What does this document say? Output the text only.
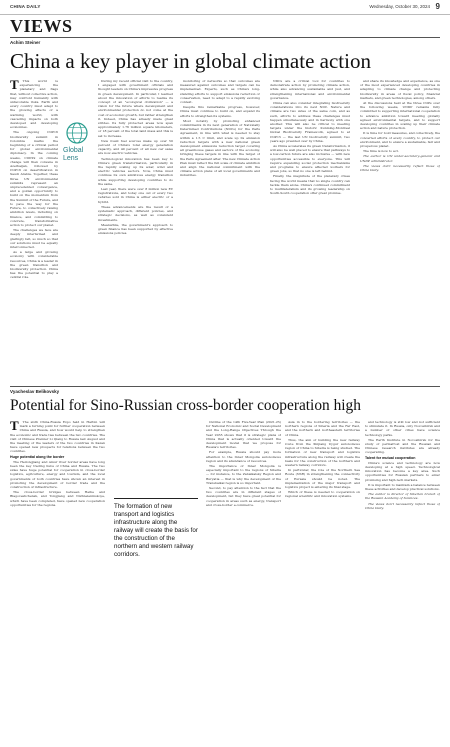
CHINA DAILY	Wednesday, October 30, 2024 9
VIEWS
Achim Steiner
China a key player in global climate action
T	This world is experiencing the planetary and flags that, without collective action, may confront humanity with unfavorable risks. Earth and every country must adapt to the growing effects of a warming world, with cascading impacts on both developed and developing economies.

The ongoing COP16 biodiversity summit in Colombia marks the beginning of a critical period for global environmental diplomacy. In the coming weeks, COP29 on climate change will then convene in Azerbaijan, followed by COP16 on desertification in Saudi Arabia. Together, these three UN environmental summits represent an unprecedented convergence, and a golden opportunity to build on the momentum from the Summit of the Future, and to pave the way for the Future, to collectively raising ambition levels, including on finance, and committing to concrete, transformative action to protect our planet.

The challenges we face are deeply intertwined and glaringly felt, so much so that our solutions must be equally interconnected.

As a large and growing economy with considerable resources, China is a leader in the green transition and biodiversity protection. China has the potential to play a central role.

Global Lens

During my recent official visit to the country, I engaged with government officials and thought leaders on China's impressive progress in green development. In particular, I learned about the innovation of efforts to realize its concept of an "ecological civilization" — a vision for the future where development and environmental protection do not come at the cost of economic growth, but rather strengthen it. Indeed, China has already made great strides. Its fully protected areas now span approximately 1.76 million square kilometers, or 18 percent of the total land mass and this is set to increase.

New fossil fuel sources make up over 50 percent of China's total energy generation capacity, and 40 percent of all new car sales are now electric vehicles.

Technological innovation has been key to China's green transformation, particularly in the rapidly scaling up its solar, wind and electric vehicles sectors. Now, China must continue its own ambitious energy transition while supporting developing countries to do the same.

Last year, there were over 8 million new EV registrations, and today one out of every two vehicles sold in China is either electric or a hybrid.

These advancements are the result of a systematic approach, different policies, and strategic decisions, as well as consistent investments.

Meanwhile, the government's approach to green finance has been supported by effective emissions policies.

monitoring of networks so that outcomes are measured against outcomes and targets can be implemented. Experts, such as China's long-standing efforts to support emissions reduction or conservation, need to adapt to a rapidly evolving context.

Despite this remarkable progress, however, China must continue to build on, and expand its efforts to strengthen its systems.

Most notably by promoting enhanced commitments in its next generation of Nationally Determined Contributions (NDCs) for the Paris Agreement, in line with what is needed to stay within a 1.5 C limit, and scale up its emission reduction targets with a new national green development emissions reduction target covering all greenhouse gases and sectors of the economy, bringing these targets in line with the target of the Paris Agreement after. The new Climate Action Plan must reflect the full scale of climate ambition and align the national commitment with the climate action plans of all local governments and industries.

NDCs are a critical tool for countries to demonstrate action by promoting climate action, while also advancing sustainable and just, and strengthening international and environmental governance.

China can also consider integrating biodiversity considerations into its next NDC. Nature and climate are two sides of the same coin, and as such, efforts to address these challenges must happen simultaneously and in harmony with one another. This will also be critical to meeting targets under the historic Kunming-Montreal Global Biodiversity Framework, agreed to at COP15 — the last UN biodiversity summit, two years ago presided over by China.

As China accelerates its green transformation, it will also be well placed to ensure that pathways to a low-carbon future are also inclusive — with new opportunities accessible to everyone. This will require expanding social protection mechanisms and programs to ensure affected workers for green jobs, so that no one is left behind.

Finally, the magnitude of the planetary crises facing the world means that no single country can tackle them alone. China's continued commitment to multilateralism and its growing leadership on South-South cooperation offer great promise.

and share its knowledge and experience, as one of the most experienced developing countries in adapting to climate change and protecting biodiversity in areas of fiscal policy, financial markets, and green technologies, among others.

At the discussions held at the three COPs over the following weeks, UNDP remains fully committed to supporting international cooperation to advance ambition toward meeting globally agreed environmental targets, and to support developing countries in scaling up their climate action and nature protection.

It is time for bold measures, and collectively, the concerted efforts of every country, to protect our environment, and to ensure a sustainable, fair and prosperous planet.

The time is now to act.

The author is UN under-secretary-general and UNDP administrator.

The views don't necessarily reflect those of China Daily.

Vyacheslav Belikovsky
Potential for Sino-Russian cross-border cooperation high
T	The sixth China-Russia Expo held in Harbin will mark a turning point for further cooperation between China and Russia, and how would help to strengthen the economic and trade ties between the two countries. The visit of Chinese Premier Li Qiang to Russia last August and the meeting of the leaders of the two countries in Kazan have opened new prospects for relations between the two countries.

Huge potential along the border

The Heilongjiang and Amur river border areas have long been the key trading hubs of China and Russia. The two sides have huge potential for cooperation in cross-border logistics, agriculture, energy and tourism, and the local governments of both countries have shown an interest in promoting the development of border trade and the construction of infrastructure.

The cross-border bridges between Heihe and Blagoveshchensk, and Tongjiang and Nizhneleninskoye, which have been completed, have opened new cooperation opportunities for the regions.	The formation of new transport and logistics infrastructure along the railway will create the basis for the construction of the northern and western railway corridors.

Outline of the 14th Five-Year Plan (2021-25) for National Economic and Social Development and the Long-Range Objectives Through the Year 2035 shows that it is strategic plans of China that is actually oriented toward the development model that we propose for Russia's territories.

For example, Russia should pay more attention to the Inner Mongolia autonomous region and its abundance of resources.

The importance of Inner Mongolia is especially important to the regions of Siberia — for instance, to the Zabaikalsky Region and Buryatia — that is why the development of the Transbaikal region is so important.

Second, to pay attention to the fact that the two countries are in different stages of development, but they have great potential for cooperation in areas such as energy, transport and cross-border e-commerce.

Asia in to the bordering territories — the northern regions of Siberia and the Far East, and the northern and northeastern territories of China.

Thus, the aim of building the new railway route from the Xinjiang Uygur autonomous region of China to Siberia is being studied. The formation of new transport and logistics infrastructure along the railway will create the basis for the construction of the northern and western railway corridors.

In particular, the role of the Northern Sea Route (NSR) in strengthening the connectivity of Eurasia should be noted. The implementation of the major transport and logistics project is entering its final stage.

Which of these is needed to cooperation on regional scientific and innovation systems.

and technology is still low and not sufficient to stimulate it. In Russia, only Novosibirsk and a number of other cities have science technology parks.

The Earth Institute in Novosibirsk for the study of permafrost and the Russian and Chinese research institutes are already cooperating.

Talent for mutual cooperation

China's science and technology are now developing at a high speed. Technological innovation has become a key area. Such opportunities for Russian partners to enter promising and high-tech markets.

It is important to maintain a balance between these activities and develop practical solutions.

The author is director of Siberian branch of the Russian Academy of Sciences.

The views don't necessarily reflect those of China Daily.
